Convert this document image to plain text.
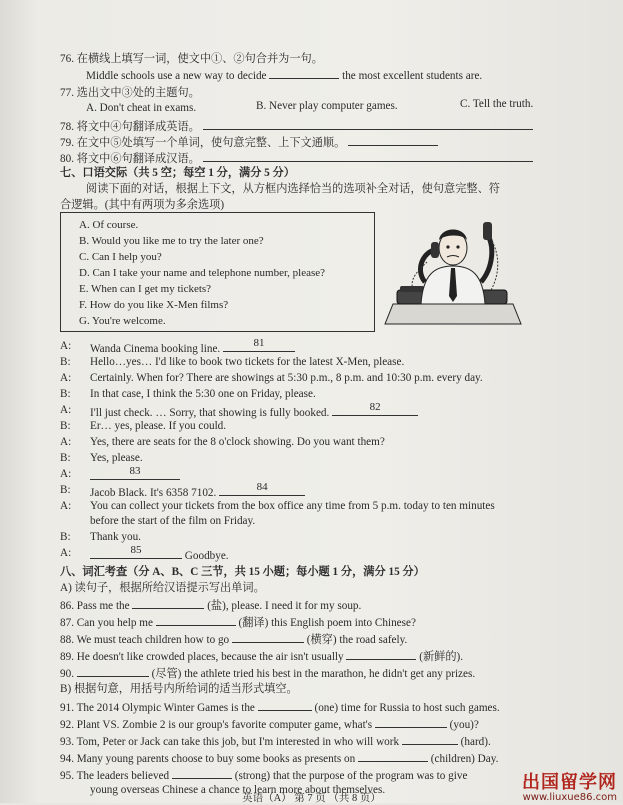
76. 在横线上填写一词，使文中①、②句合并为一句。
Middle schools use a new way to decide	the most excellent students are.
77. 选出文中③处的主题句。
A. Don't cheat in exams.	B. Never play computer games.	C. Tell the truth.
78. 将文中④句翻译成英语。
79. 在文中⑤处填写一个单词，使句意完整、上下文通顺。
80. 将文中⑥句翻译成汉语。
七、口语交际（共 5 空；每空 1 分，满分 5 分）
阅读下面的对话，根据上下文，从方框内选择恰当的选项补全对话，使句意完整、符
合逻辑。(其中有两项为多余选项)
A. Of course.
B. Would you like me to try the later one?
C. Can I help you?
D. Can I take your name and telephone number, please?
E. When can I get my tickets?
F. How do you like X-Men films?
G. You're welcome.
A: Wanda Cinema booking line.	81
B: Hello…yes… I'd like to book two tickets for the latest X-Men, please.
A: Certainly. When for? There are showings at 5:30 p.m., 8 p.m. and 10:30 p.m. every day.
B: In that case, I think the 5:30 one on Friday, please.
A: I'll just check. … Sorry, that showing is fully booked.	82
B: Er… yes, please. If you could.
A: Yes, there are seats for the 8 o'clock showing. Do you want them?
B: Yes, please.
A:	83
B: Jacob Black. It's 6358 7102.	84
A: You can collect your tickets from the box office any time from 5 p.m. today to ten minutes
before the start of the film on Friday.
B: Thank you.
A:	85	Goodbye.
八、词汇考查（分 A、B、C 三节，共 15 小题；每小题 1 分，满分 15 分）
A) 读句子，根据所给汉语提示写出单词。
86. Pass me the	(盐), please. I need it for my soup.
87. Can you help me	(翻译) this English poem into Chinese?
88. We must teach children how to go	(横穿) the road safely.
89. He doesn't like crowded places, because the air isn't usually	(新鲜的).
90.	(尽管) the athlete tried his best in the marathon, he didn't get any prizes.
B) 根据句意，用括号内所给词的适当形式填空。
91. The 2014 Olympic Winter Games is the	(one) time for Russia to host such games.
92. Plant VS. Zombie 2 is our group's favorite computer game, what's	(you)?
93. Tom, Peter or Jack can take this job, but I'm interested in who will work	(hard).
94. Many young parents choose to buy some books as presents on	(children) Day.
95. The leaders believed	(strong) that the purpose of the program was to give
young overseas Chinese a chance to learn more about themselves.
英语（A） 第 7 页 （共 8 页）
出国留学网
www.liuxue86.com
